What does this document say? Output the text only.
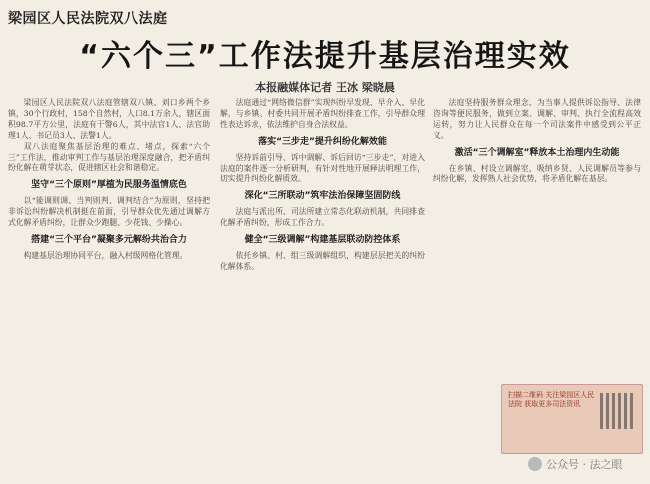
梁园区人民法院双八法庭
“六个三”工作法提升基层治理实效
本报融媒体记者 王冰 梁晓晨

梁园区人民法院双八法庭管辖双八镇、刘口乡两个乡镇，30个行政村，158个自然村，人口8.1万余人，辖区面积98.7平方公里，法庭有干警6人，其中法官1人、法官助理1人、书记员3人、法警1人。

双八法庭聚焦基层治理的难点、堵点，探索“六个三”工作法，推动审判工作与基层治理深度融合，把矛盾纠纷化解在萌芽状态，促进辖区社会和谐稳定。

坚守“三个原则”厚植为民服务温情底色

以“能调则调、当判则判、调判结合”为原则，坚持把非诉讼纠纷解决机制挺在前面，引导群众优先通过调解方式化解矛盾纠纷，让群众少跑腿、少花钱、少操心。

搭建“三个平台”凝聚多元解纷共治合力

构建基层治理协同平台，融入村级网格化管理。

法庭通过“网络微信群”实现纠纷早发现、早介入、早化解，与乡镇、村委共同开展矛盾纠纷排查工作，引导群众理性表达诉求，依法维护自身合法权益。

落实“三步走”提升纠纷化解效能

坚持诉前引导、诉中调解、诉后回访“三步走”，对进入法庭的案件逐一分析研判，有针对性地开展释法明理工作，切实提升纠纷化解质效。

深化“三所联动”筑牢法治保障坚固防线

法庭与派出所、司法所建立常态化联动机制，共同排查化解矛盾纠纷，形成工作合力。

健全“三级调解”构建基层联动防控体系

依托乡镇、村、组三级调解组织，构建层层把关的纠纷化解体系。

法庭坚持服务群众理念，为当事人提供诉讼指导、法律咨询等便民服务，做到立案、调解、审判、执行全流程高效运转，努力让人民群众在每一个司法案件中感受到公平正义。

激活“三个调解室”释放本土治理内生动能

在乡镇、村设立调解室，吸纳乡贤、人民调解员等参与纠纷化解，发挥熟人社会优势，将矛盾化解在基层。

扫描二维码 关注梁园区人民法院 获取更多司法资讯
公众号 · 法之眼
